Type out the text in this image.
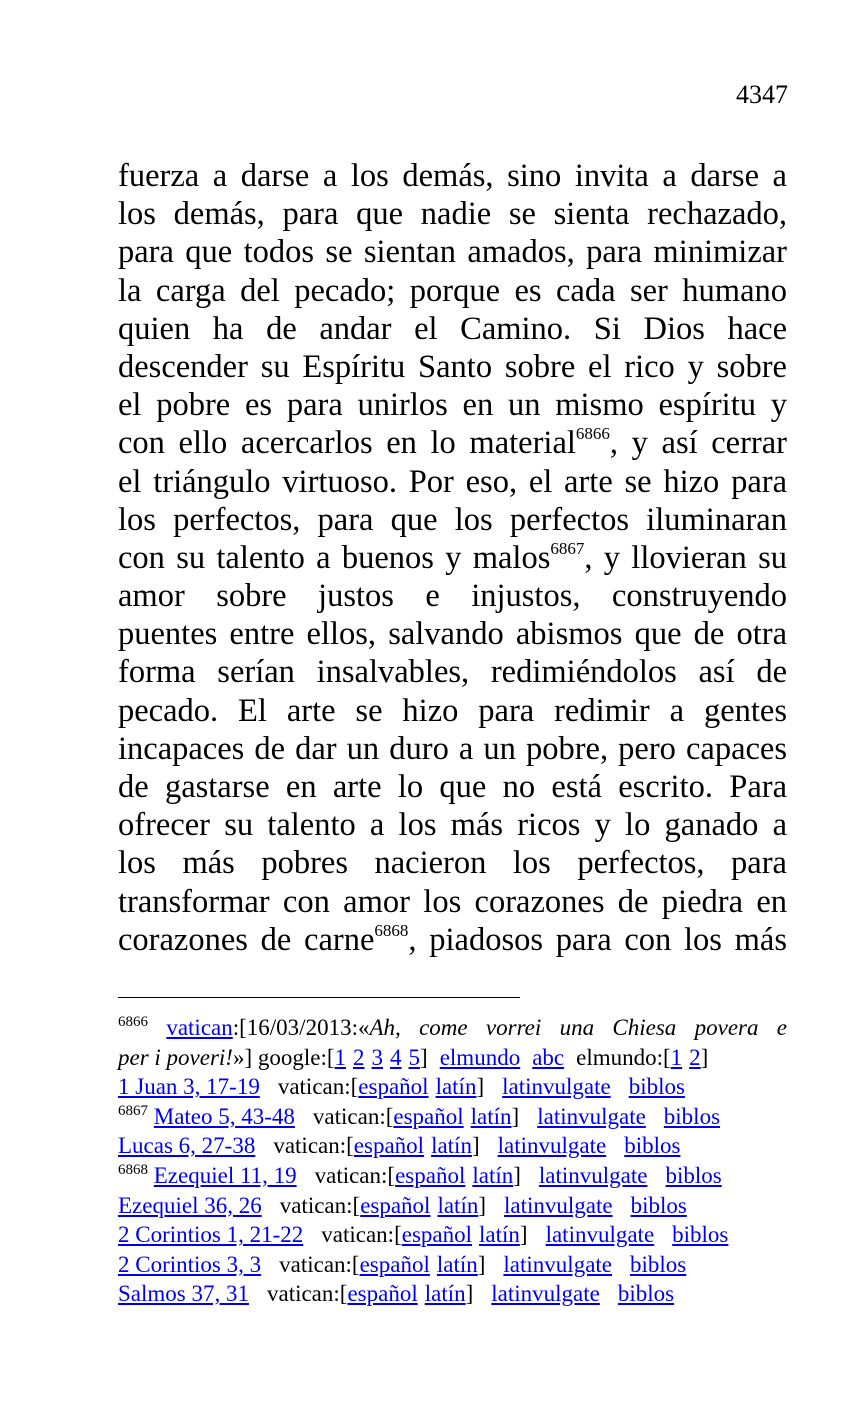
4347
fuerza a darse a los demás, sino invita a darse a
los demás, para que nadie se sienta rechazado,
para que todos se sientan amados, para minimizar
la carga del pecado; porque es cada ser humano
quien ha de andar el Camino. Si Dios hace
descender su Espíritu Santo sobre el rico y sobre
el pobre es para unirlos en un mismo espíritu y
con ello acercarlos en lo material$^{6866}$, y así cerrar
el triángulo virtuoso. Por eso, el arte se hizo para
los perfectos, para que los perfectos iluminaran
con su talento a buenos y malos$^{6867}$, y llovieran su
amor sobre justos e injustos, construyendo
puentes entre ellos, salvando abismos que de otra
forma serían insalvables, redimiéndolos así de
pecado. El arte se hizo para redimir a gentes
incapaces de dar un duro a un pobre, pero capaces
de gastarse en arte lo que no está escrito. Para
ofrecer su talento a los más ricos y lo ganado a
los más pobres nacieron los perfectos, para
transformar con amor los corazones de piedra en
corazones de carne$^{6868}$, piadosos para con los más
$^{6866}$ vatican:[16/03/2013:«Ah, come vorrei una Chiesa povera e
per i poveri!»] google:[1 2 3 4 5] elmundo abc elmundo:[1 2]
1 Juan 3, 17-19 vatican:[español latín] latinvulgate biblos
$^{6867}$ Mateo 5, 43-48 vatican:[español latín] latinvulgate biblos
Lucas 6, 27-38 vatican:[español latín] latinvulgate biblos
$^{6868}$ Ezequiel 11, 19 vatican:[español latín] latinvulgate biblos
Ezequiel 36, 26 vatican:[español latín] latinvulgate biblos
2 Corintios 1, 21-22 vatican:[español latín] latinvulgate biblos
2 Corintios 3, 3 vatican:[español latín] latinvulgate biblos
Salmos 37, 31 vatican:[español latín] latinvulgate biblos
